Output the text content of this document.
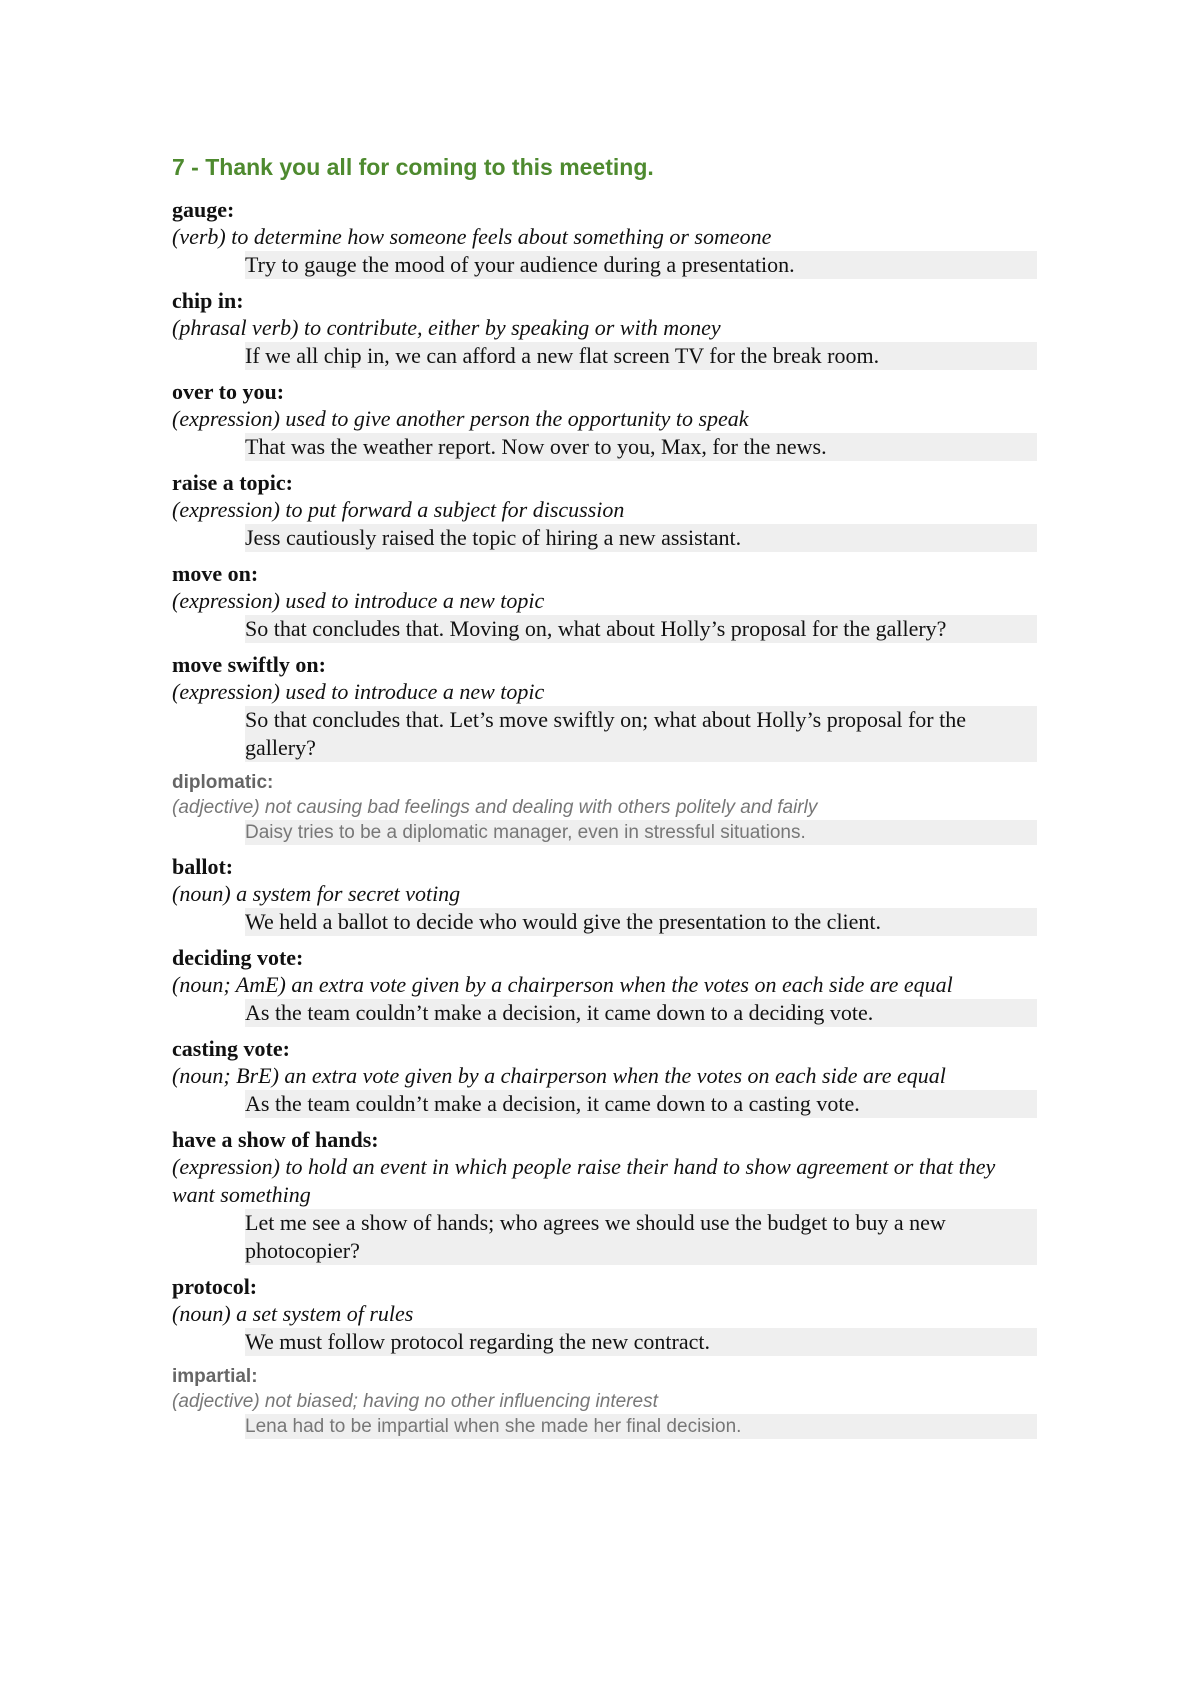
7 - Thank you all for coming to this meeting.
gauge:
(verb) to determine how someone feels about something or someone
Try to gauge the mood of your audience during a presentation.
chip in:
(phrasal verb) to contribute, either by speaking or with money
If we all chip in, we can afford a new flat screen TV for the break room.
over to you:
(expression) used to give another person the opportunity to speak
That was the weather report. Now over to you, Max, for the news.
raise a topic:
(expression) to put forward a subject for discussion
Jess cautiously raised the topic of hiring a new assistant.
move on:
(expression) used to introduce a new topic
So that concludes that. Moving on, what about Holly’s proposal for the gallery?
move swiftly on:
(expression) used to introduce a new topic
So that concludes that. Let’s move swiftly on; what about Holly’s proposal for the gallery?
diplomatic:
(adjective) not causing bad feelings and dealing with others politely and fairly
Daisy tries to be a diplomatic manager, even in stressful situations.
ballot:
(noun) a system for secret voting
We held a ballot to decide who would give the presentation to the client.
deciding vote:
(noun; AmE) an extra vote given by a chairperson when the votes on each side are equal
As the team couldn’t make a decision, it came down to a deciding vote.
casting vote:
(noun; BrE) an extra vote given by a chairperson when the votes on each side are equal
As the team couldn’t make a decision, it came down to a casting vote.
have a show of hands:
(expression) to hold an event in which people raise their hand to show agreement or that they want something
Let me see a show of hands; who agrees we should use the budget to buy a new photocopier?
protocol:
(noun) a set system of rules
We must follow protocol regarding the new contract.
impartial:
(adjective) not biased; having no other influencing interest
Lena had to be impartial when she made her final decision.
